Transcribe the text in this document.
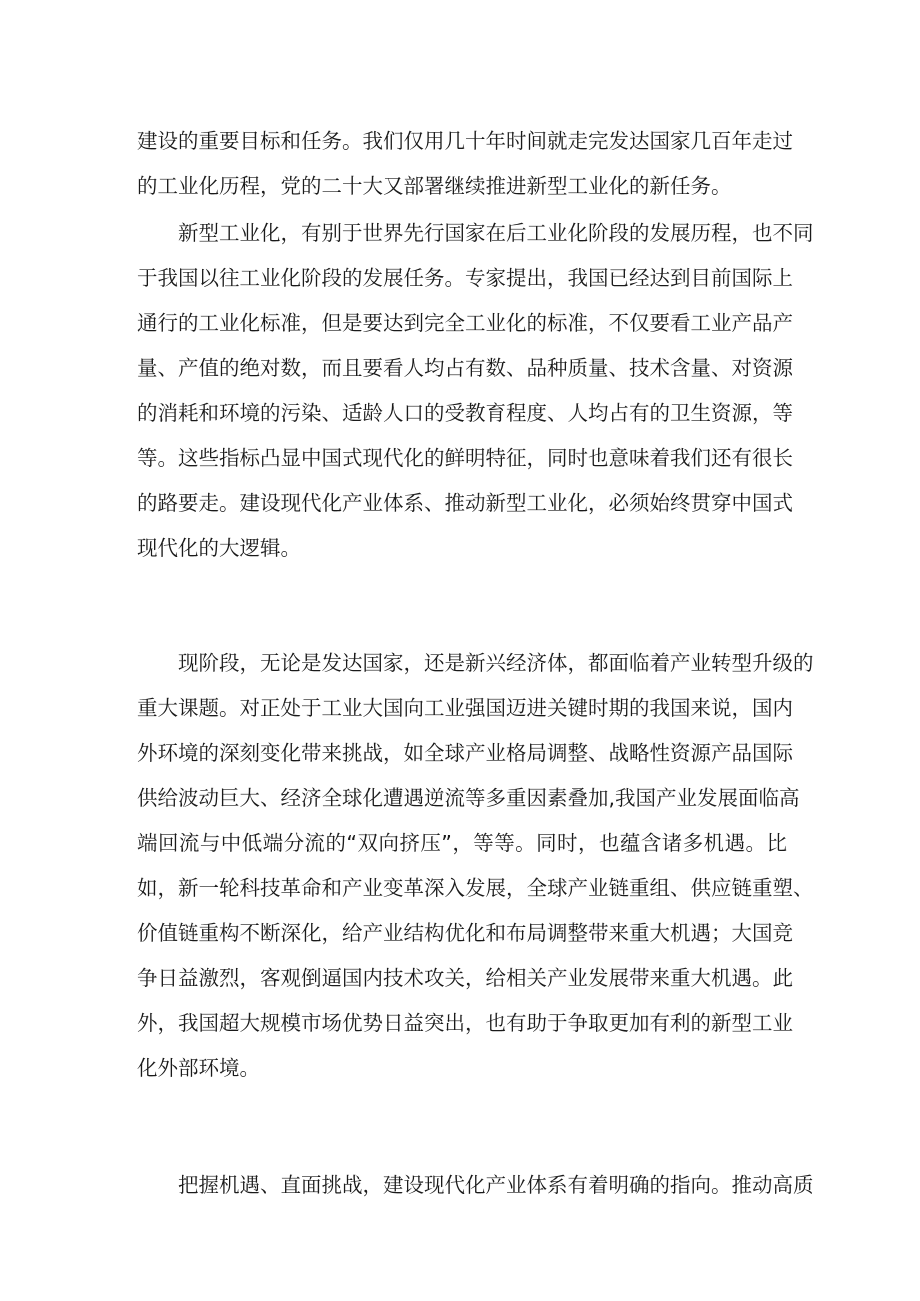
建设的重要目标和任务。我们仅用几十年时间就走完发达国家几百年走过
的工业化历程，党的二十大又部署继续推进新型工业化的新任务。
　　新型工业化，有别于世界先行国家在后工业化阶段的发展历程，也不同
于我国以往工业化阶段的发展任务。专家提出，我国已经达到目前国际上
通行的工业化标准，但是要达到完全工业化的标准，不仅要看工业产品产
量、产值的绝对数，而且要看人均占有数、品种质量、技术含量、对资源
的消耗和环境的污染、适龄人口的受教育程度、人均占有的卫生资源，等
等。这些指标凸显中国式现代化的鲜明特征，同时也意味着我们还有很长
的路要走。建设现代化产业体系、推动新型工业化，必须始终贯穿中国式
现代化的大逻辑。
　　现阶段，无论是发达国家，还是新兴经济体，都面临着产业转型升级的
重大课题。对正处于工业大国向工业强国迈进关键时期的我国来说，国内
外环境的深刻变化带来挑战，如全球产业格局调整、战略性资源产品国际
供给波动巨大、经济全球化遭遇逆流等多重因素叠加,我国产业发展面临高
端回流与中低端分流的“双向挤压”，等等。同时，也蕴含诸多机遇。比
如，新一轮科技革命和产业变革深入发展，全球产业链重组、供应链重塑、
价值链重构不断深化，给产业结构优化和布局调整带来重大机遇；大国竞
争日益激烈，客观倒逼国内技术攻关，给相关产业发展带来重大机遇。此
外，我国超大规模市场优势日益突出，也有助于争取更加有利的新型工业
化外部环境。
　　把握机遇、直面挑战，建设现代化产业体系有着明确的指向。推动高质
